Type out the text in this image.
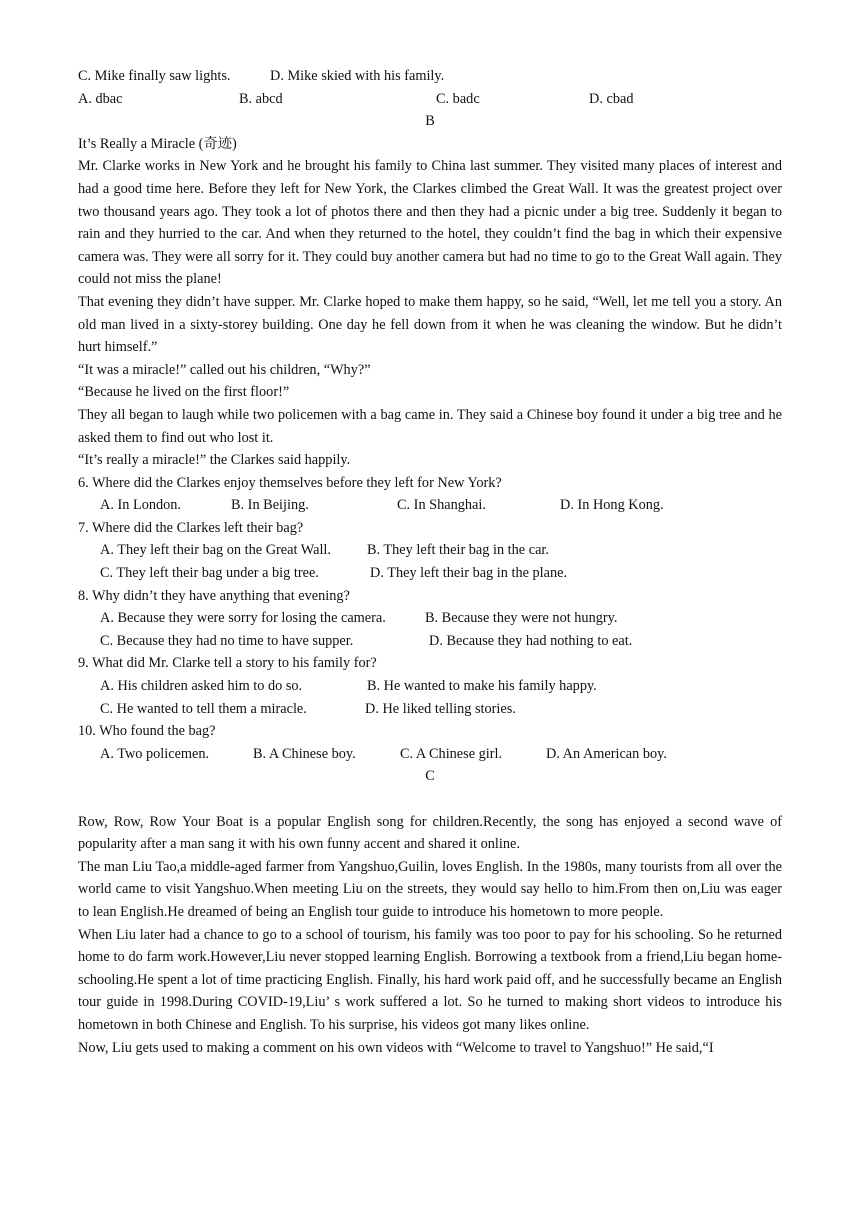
C. Mike finally saw lights.	D. Mike skied with his family.
A. dbac	B. abcd	C. badc	D. cbad
B
It’s Really a Miracle (奇迹)
Mr. Clarke works in New York and he brought his family to China last summer. They visited many places of interest and had a good time here. Before they left for New York, the Clarkes climbed the Great Wall. It was the greatest project over two thousand years ago. They took a lot of photos there and then they had a picnic under a big tree. Suddenly it began to rain and they hurried to the car. And when they returned to the hotel, they couldn’t find the bag in which their expensive camera was. They were all sorry for it. They could buy another camera but had no time to go to the Great Wall again. They could not miss the plane!
That evening they didn’t have supper. Mr. Clarke hoped to make them happy, so he said, “Well, let me tell you a story. An old man lived in a sixty-storey building. One day he fell down from it when he was cleaning the window. But he didn’t hurt himself.”
“It was a miracle!” called out his children, “Why?”
“Because he lived on the first floor!”
They all began to laugh while two policemen with a bag came in. They said a Chinese boy found it under a big tree and he asked them to find out who lost it.
“It’s really a miracle!” the Clarkes said happily.
6. Where did the Clarkes enjoy themselves before they left for New York?
A. In London.	B. In Beijing.	C. In Shanghai.	D. In Hong Kong.
7. Where did the Clarkes left their bag?
A. They left their bag on the Great Wall.	B. They left their bag in the car.
C. They left their bag under a big tree.	D. They left their bag in the plane.
8. Why didn’t they have anything that evening?
A. Because they were sorry for losing the camera.	B. Because they were not hungry.
C. Because they had no time to have supper.	D. Because they had nothing to eat.
9. What did Mr. Clarke tell a story to his family for?
A. His children asked him to do so.	B. He wanted to make his family happy.
C. He wanted to tell them a miracle.	D. He liked telling stories.
10. Who found the bag?
A. Two policemen.	B. A Chinese boy.	C. A Chinese girl.	D. An American boy.
C
Row, Row, Row Your Boat is a popular English song for children.Recently, the song has enjoyed a second wave of popularity after a man sang it with his own funny accent and shared it online.
The man Liu Tao,a middle-aged farmer from Yangshuo,Guilin, loves English. In the 1980s, many tourists from all over the world came to visit Yangshuo.When meeting Liu on the streets, they would say hello to him.From then on,Liu was eager to lean English.He dreamed of being an English tour guide to introduce his hometown to more people.
When Liu later had a chance to go to a school of tourism, his family was too poor to pay for his schooling. So he returned home to do farm work.However,Liu never stopped learning English. Borrowing a textbook from a friend,Liu began home-schooling.He spent a lot of time practicing English. Finally, his hard work paid off, and he successfully became an English tour guide in 1998.During COVID-19,Liu’ s work suffered a lot. So he turned to making short videos to introduce his hometown in both Chinese and English. To his surprise, his videos got many likes online.
Now, Liu gets used to making a comment on his own videos with “Welcome to travel to Yangshuo!” He said,“I
